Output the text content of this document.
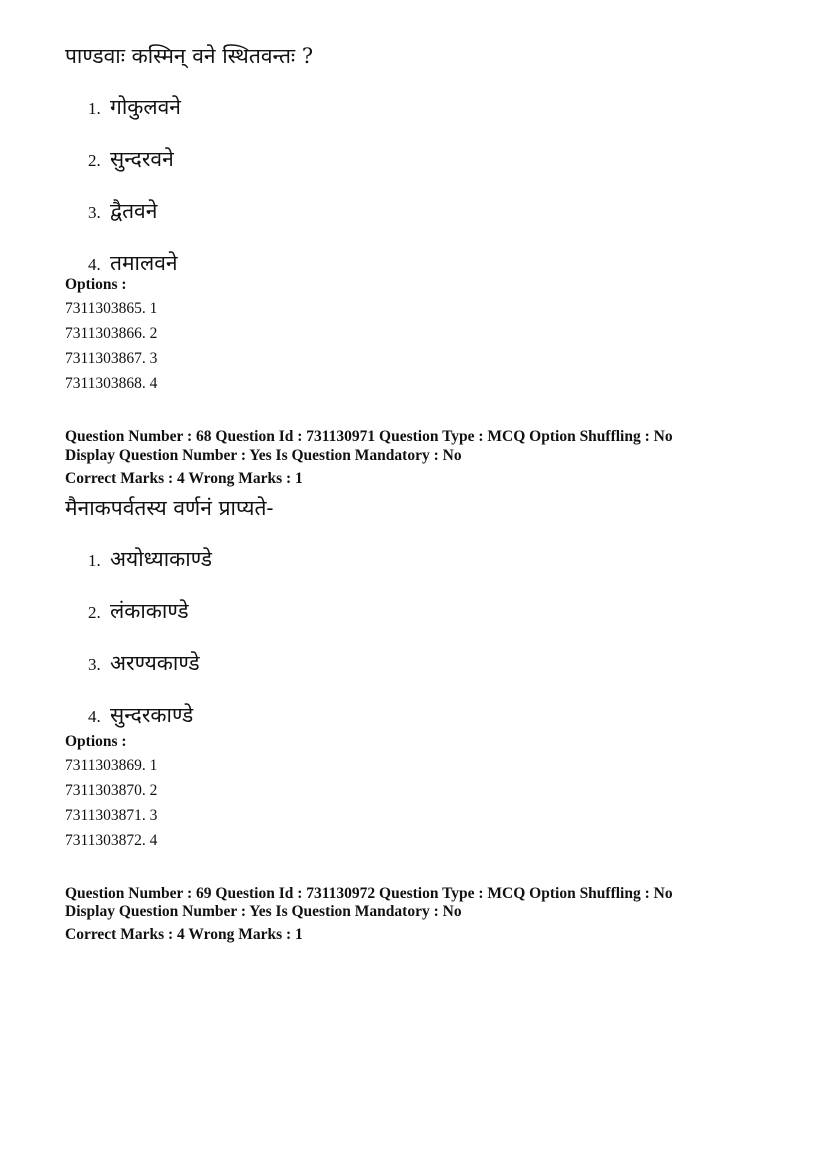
पाण्डवाः कस्मिन् वने स्थितवन्तः ?
1. गोकुलवने
2. सुन्दरवने
3. द्वैतवने
4. तमालवने
Options :
7311303865. 1
7311303866. 2
7311303867. 3
7311303868. 4
Question Number : 68 Question Id : 731130971 Question Type : MCQ Option Shuffling : No
Display Question Number : Yes Is Question Mandatory : No
Correct Marks : 4 Wrong Marks : 1
मैनाकपर्वतस्य वर्णनं प्राप्यते-
1. अयोध्याकाण्डे
2. लंकाकाण्डे
3. अरण्यकाण्डे
4. सुन्दरकाण्डे
Options :
7311303869. 1
7311303870. 2
7311303871. 3
7311303872. 4
Question Number : 69 Question Id : 731130972 Question Type : MCQ Option Shuffling : No
Display Question Number : Yes Is Question Mandatory : No
Correct Marks : 4 Wrong Marks : 1
